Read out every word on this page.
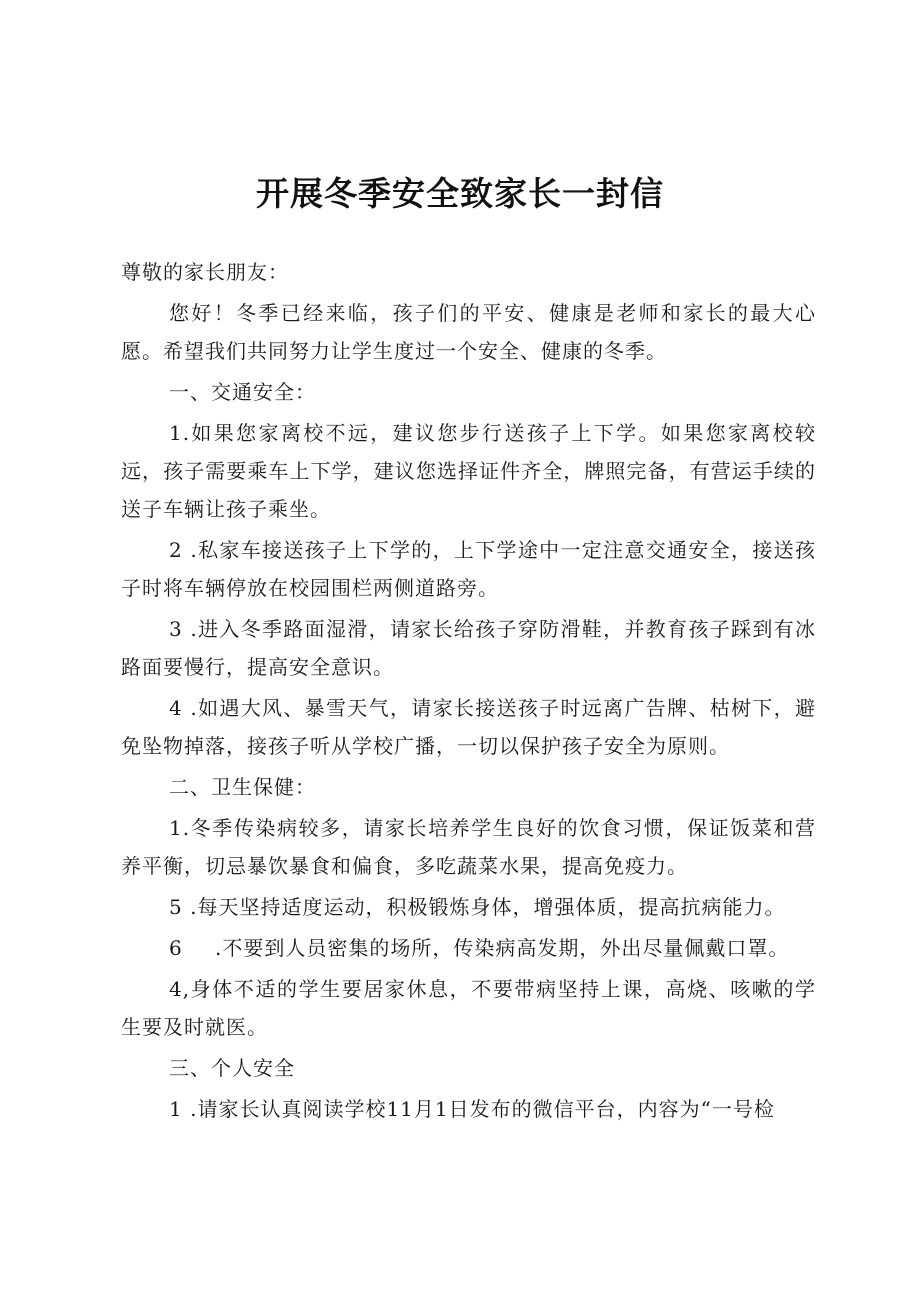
开展冬季安全致家长一封信

尊敬的家长朋友：

您好！冬季已经来临，孩子们的平安、健康是老师和家长的最大心愿。希望我们共同努力让学生度过一个安全、健康的冬季。

一、交通安全：

1.如果您家离校不远，建议您步行送孩子上下学。如果您家离校较远，孩子需要乘车上下学，建议您选择证件齐全，牌照完备，有营运手续的送子车辆让孩子乘坐。

2 .私家车接送孩子上下学的，上下学途中一定注意交通安全，接送孩子时将车辆停放在校园围栏两侧道路旁。

3 .进入冬季路面湿滑，请家长给孩子穿防滑鞋，并教育孩子踩到有冰路面要慢行，提高安全意识。

4 .如遇大风、暴雪天气，请家长接送孩子时远离广告牌、枯树下，避免坠物掉落，接孩子听从学校广播，一切以保护孩子安全为原则。

二、卫生保健：

1.冬季传染病较多，请家长培养学生良好的饮食习惯，保证饭菜和营养平衡，切忌暴饮暴食和偏食，多吃蔬菜水果，提高免疫力。

5 .每天坚持适度运动，积极锻炼身体，增强体质，提高抗病能力。

6 .不要到人员密集的场所，传染病高发期，外出尽量佩戴口罩。

4,身体不适的学生要居家休息，不要带病坚持上课，高烧、咳嗽的学生要及时就医。

三、个人安全

1 .请家长认真阅读学校11月1日发布的微信平台，内容为“一号检
